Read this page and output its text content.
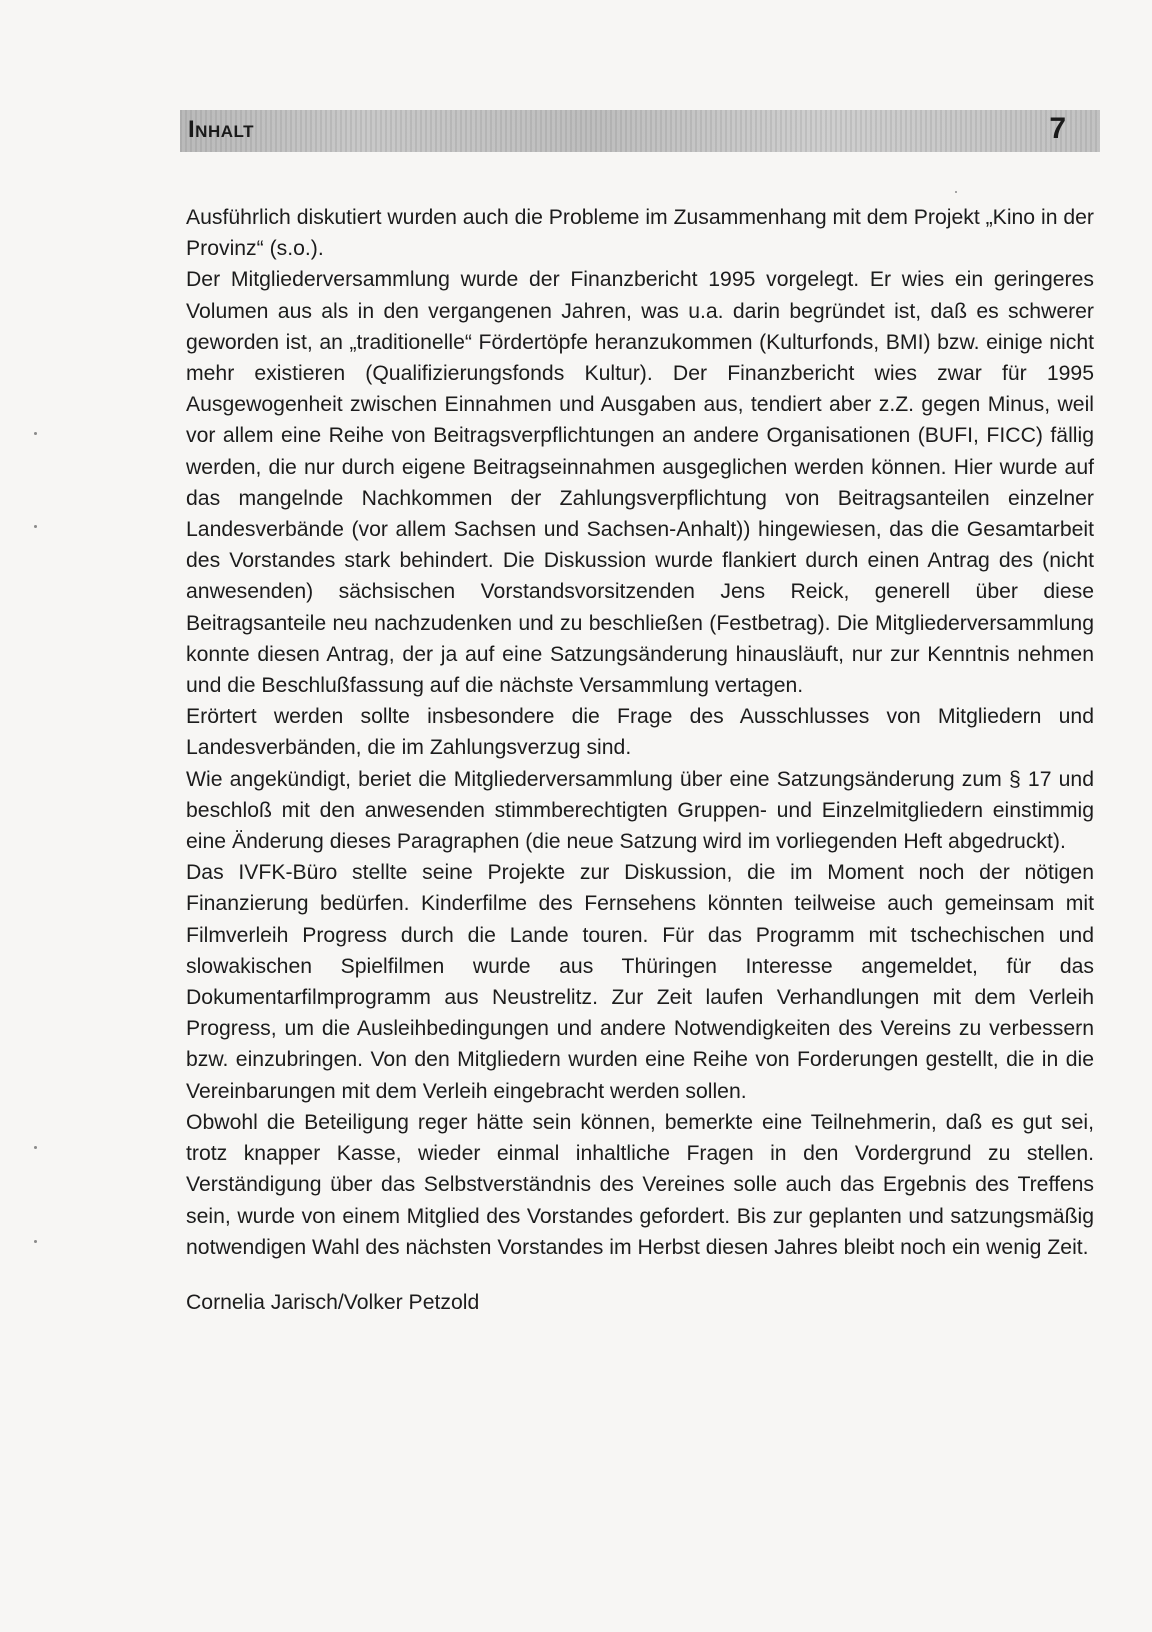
Inhalt	7

Ausführlich diskutiert wurden auch die Probleme im Zusammenhang mit dem Projekt „Kino in der Provinz“ (s.o.).

Der Mitgliederversammlung wurde der Finanzbericht 1995 vorgelegt. Er wies ein geringeres Volumen aus als in den vergangenen Jahren, was u.a. darin begründet ist, daß es schwerer geworden ist, an „traditionelle“ Fördertöpfe heranzukommen (Kulturfonds, BMI) bzw. einige nicht mehr existieren (Qualifizierungsfonds Kultur). Der Finanzbericht wies zwar für 1995 Ausgewogenheit zwischen Einnahmen und Ausgaben aus, tendiert aber z.Z. gegen Minus, weil vor allem eine Reihe von Beitragsverpflichtungen an andere Organisationen (BUFI, FICC) fällig werden, die nur durch eigene Beitragseinnahmen ausgeglichen werden können. Hier wurde auf das mangelnde Nachkommen der Zahlungsverpflichtung von Beitragsanteilen einzelner Landesverbände (vor allem Sachsen und Sachsen-Anhalt)) hingewiesen, das die Gesamtarbeit des Vorstandes stark behindert. Die Diskussion wurde flankiert durch einen Antrag des (nicht anwesenden) sächsischen Vorstandsvorsitzenden Jens Reick, generell über diese Beitragsanteile neu nachzudenken und zu beschließen (Festbetrag). Die Mitgliederversammlung konnte diesen Antrag, der ja auf eine Satzungsänderung hinausläuft, nur zur Kenntnis nehmen und die Beschlußfassung auf die nächste Versammlung vertagen.

Erörtert werden sollte insbesondere die Frage des Ausschlusses von Mitgliedern und Landesverbänden, die im Zahlungsverzug sind.

Wie angekündigt, beriet die Mitgliederversammlung über eine Satzungsänderung zum § 17 und beschloß mit den anwesenden stimmberechtigten Gruppen- und Einzelmitgliedern einstimmig eine Änderung dieses Paragraphen (die neue Satzung wird im vorliegenden Heft abgedruckt).

Das IVFK-Büro stellte seine Projekte zur Diskussion, die im Moment noch der nötigen Finanzierung bedürfen. Kinderfilme des Fernsehens könnten teilweise auch gemeinsam mit Filmverleih Progress durch die Lande touren. Für das Programm mit tschechischen und slowakischen Spielfilmen wurde aus Thüringen Interesse angemeldet, für das Dokumentarfilmprogramm aus Neustrelitz. Zur Zeit laufen Verhandlungen mit dem Verleih Progress, um die Ausleihbedingungen und andere Notwendigkeiten des Vereins zu verbessern bzw. einzubringen. Von den Mitgliedern wurden eine Reihe von Forderungen gestellt, die in die Vereinbarungen mit dem Verleih eingebracht werden sollen.

Obwohl die Beteiligung reger hätte sein können, bemerkte eine Teilnehmerin, daß es gut sei, trotz knapper Kasse, wieder einmal inhaltliche Fragen in den Vordergrund zu stellen. Verständigung über das Selbstverständnis des Vereines solle auch das Ergebnis des Treffens sein, wurde von einem Mitglied des Vorstandes gefordert. Bis zur geplanten und satzungsmäßig notwendigen Wahl des nächsten Vorstandes im Herbst diesen Jahres bleibt noch ein wenig Zeit.

Cornelia Jarisch/Volker Petzold
